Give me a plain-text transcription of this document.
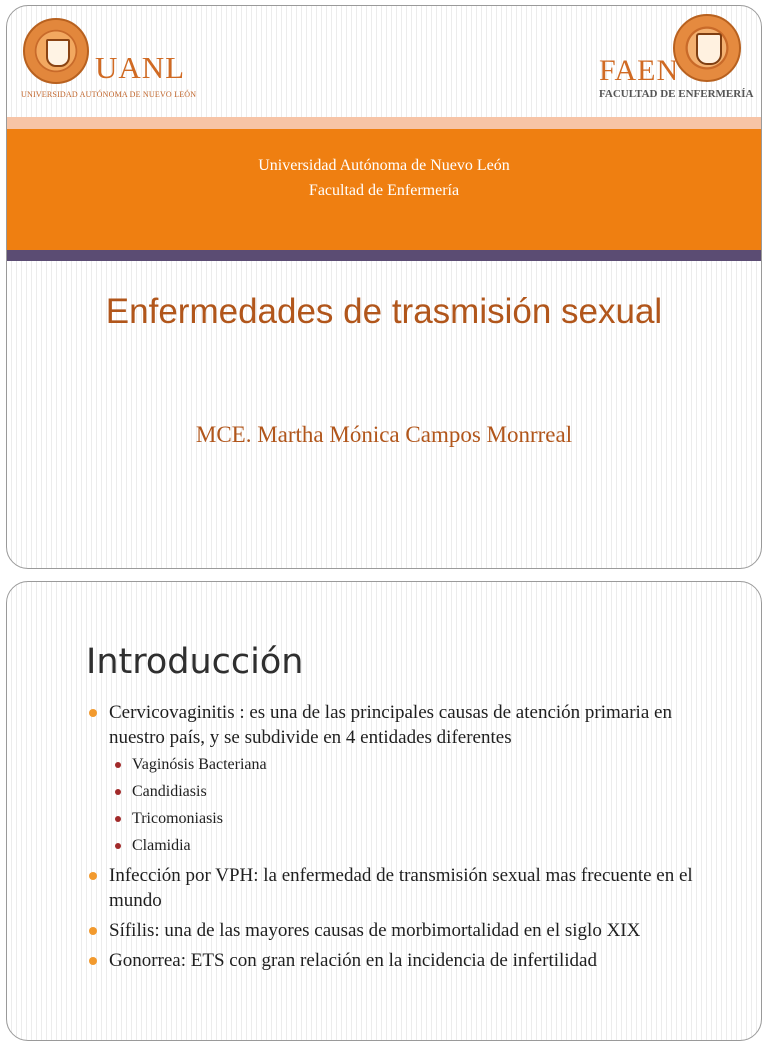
UANL
UNIVERSIDAD AUTÓNOMA DE NUEVO LEÓN
FAEN
FACULTAD DE ENFERMERÍA
Universidad Autónoma de Nuevo León
Facultad de Enfermería
Enfermedades de trasmisión sexual
MCE. Martha Mónica Campos Monrreal
Introducción
Cervicovaginitis : es una de las principales causas de atención primaria en nuestro país, y se subdivide en 4 entidades diferentes
Vaginósis Bacteriana
Candidiasis
Tricomoniasis
Clamidia
Infección por VPH: la enfermedad de transmisión sexual mas frecuente en el mundo
Sífilis: una de las mayores causas de morbimortalidad en el siglo XIX
Gonorrea: ETS con gran relación en la incidencia de infertilidad
